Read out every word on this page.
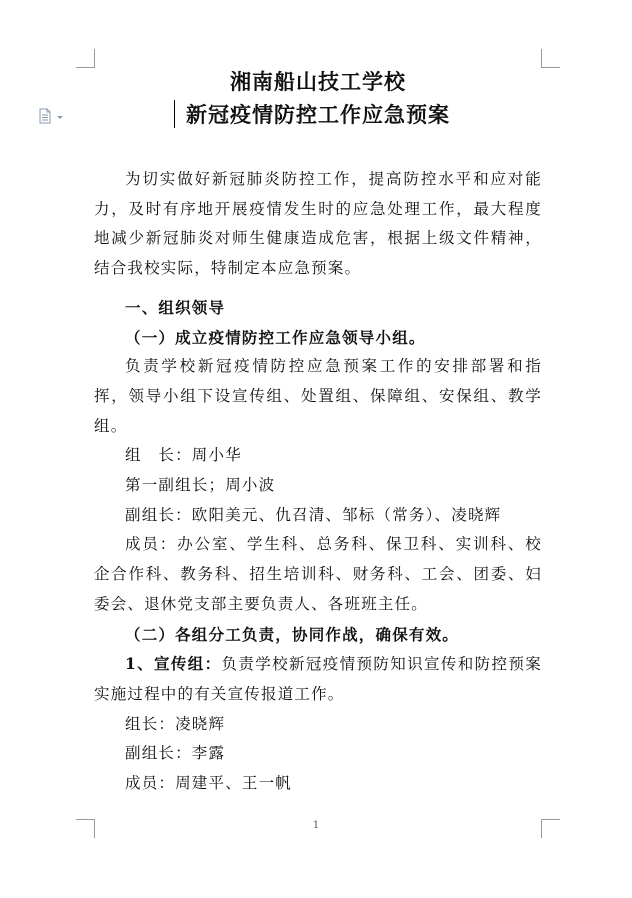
湘南船山技工学校

新冠疫情防控工作应急预案

为切实做好新冠肺炎防控工作，提高防控水平和应对能力，及时有序地开展疫情发生时的应急处理工作，最大程度地减少新冠肺炎对师生健康造成危害，根据上级文件精神，结合我校实际，特制定本应急预案。

一、组织领导

（一）成立疫情防控工作应急领导小组。

负责学校新冠疫情防控应急预案工作的安排部署和指挥，领导小组下设宣传组、处置组、保障组、安保组、教学组。

组　长：周小华

第一副组长；周小波

副组长：欧阳美元、仇召清、邹标（常务）、凌晓辉

成员：办公室、学生科、总务科、保卫科、实训科、校企合作科、教务科、招生培训科、财务科、工会、团委、妇委会、退休党支部主要负责人、各班班主任。

（二）各组分工负责，协同作战，确保有效。

1、宣传组：负责学校新冠疫情预防知识宣传和防控预案实施过程中的有关宣传报道工作。

组长：凌晓辉

副组长：李露

成员：周建平、王一帆

1
